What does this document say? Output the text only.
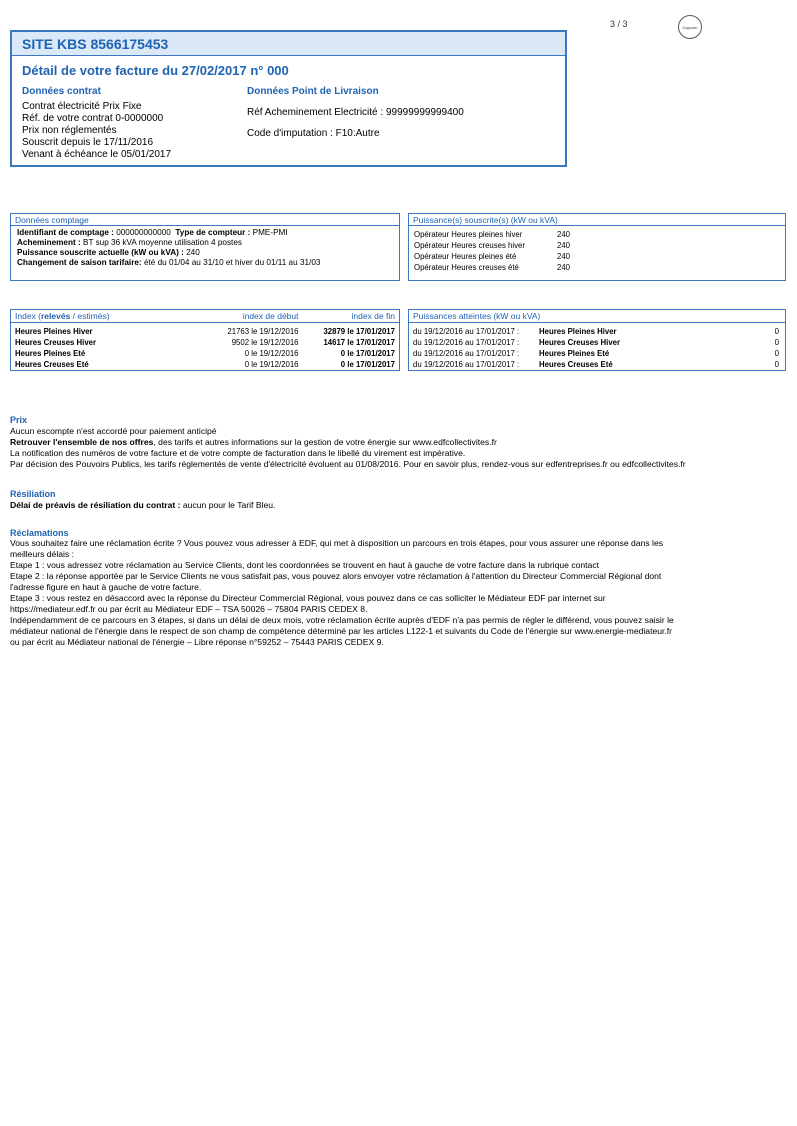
3 / 3	Capcom
SITE KBS 8566175453
Détail de votre facture du 27/02/2017 n° 000
Données contrat
Contrat électricité Prix Fixe
Réf. de votre contrat 0-0000000
Prix non réglementés
Souscrit depuis le 17/11/2016
Venant à échéance le 05/01/2017
Données Point de Livraison
Réf Acheminement Electricité : 99999999999400
Code d'imputation : F10:Autre
Données comptage
Identifiant de comptage : 000000000000 Type de compteur : PME-PMI
Acheminement : BT sup 36 kVA moyenne utilisation 4 postes
Puissance souscrite actuelle (kW ou kVA) : 240
Changement de saison tarifaire: été du 01/04 au 31/10 et hiver du 01/11 au 31/03
Puissance(s) souscrite(s) (kW ou kVA)
Opérateur Heures pleines hiver	240
Opérateur Heures creuses hiver	240
Opérateur Heures pleines été	240
Opérateur Heures creuses été	240
Index (relevés / estimés)	index de début	index de fin
Heures Pleines Hiver	21763 le 19/12/2016	32879 le 17/01/2017
Heures Creuses Hiver	9502 le 19/12/2016	14617 le 17/01/2017
Heures Pleines Eté	0 le 19/12/2016	0 le 17/01/2017
Heures Creuses Eté	0 le 19/12/2016	0 le 17/01/2017
Puissances atteintes (kW ou kVA)
du 19/12/2016 au 17/01/2017 :	Heures Pleines Hiver	0
du 19/12/2016 au 17/01/2017 :	Heures Creuses Hiver	0
du 19/12/2016 au 17/01/2017 :	Heures Pleines Eté	0
du 19/12/2016 au 17/01/2017 :	Heures Creuses Eté	0
Prix
Aucun escompte n'est accordé pour paiement anticipé
Retrouver l'ensemble de nos offres, des tarifs et autres informations sur la gestion de votre énergie sur www.edfcollectivites.fr
La notification des numéros de votre facture et de votre compte de facturation dans le libellé du virement est impérative.
Par décision des Pouvoirs Publics, les tarifs réglementés de vente d'électricité évoluent au 01/08/2016. Pour en savoir plus, rendez-vous sur edfentreprises.fr ou edfcollectivites.fr
Résiliation
Délai de préavis de résiliation du contrat : aucun pour le Tarif Bleu.
Réclamations
Vous souhaitez faire une réclamation écrite ? Vous pouvez vous adresser à EDF, qui met à disposition un parcours en trois étapes, pour vous assurer une réponse dans les
meilleurs délais :
Etape 1 : vous adressez votre réclamation au Service Clients, dont les coordonnées se trouvent en haut à gauche de votre facture dans la rubrique contact
Etape 2 : la réponse apportée par le Service Clients ne vous satisfait pas, vous pouvez alors envoyer votre réclamation à l'attention du Directeur Commercial Régional dont
l'adresse figure en haut à gauche de votre facture.
Etape 3 : vous restez en désaccord avec la réponse du Directeur Commercial Régional, vous pouvez dans ce cas solliciter le Médiateur EDF par internet sur
https://mediateur.edf.fr ou par écrit au Médiateur EDF – TSA 50026 – 75804 PARIS CEDEX 8.
Indépendamment de ce parcours en 3 étapes, si dans un délai de deux mois, votre réclamation écrite auprès d'EDF n'a pas permis de régler le différend, vous pouvez saisir le
médiateur national de l'énergie dans le respect de son champ de compétence déterminé par les articles L122-1 et suivants du Code de l'énergie sur www.energie-mediateur.fr
ou par écrit au Médiateur national de l'énergie – Libre réponse n°59252 – 75443 PARIS CEDEX 9.
